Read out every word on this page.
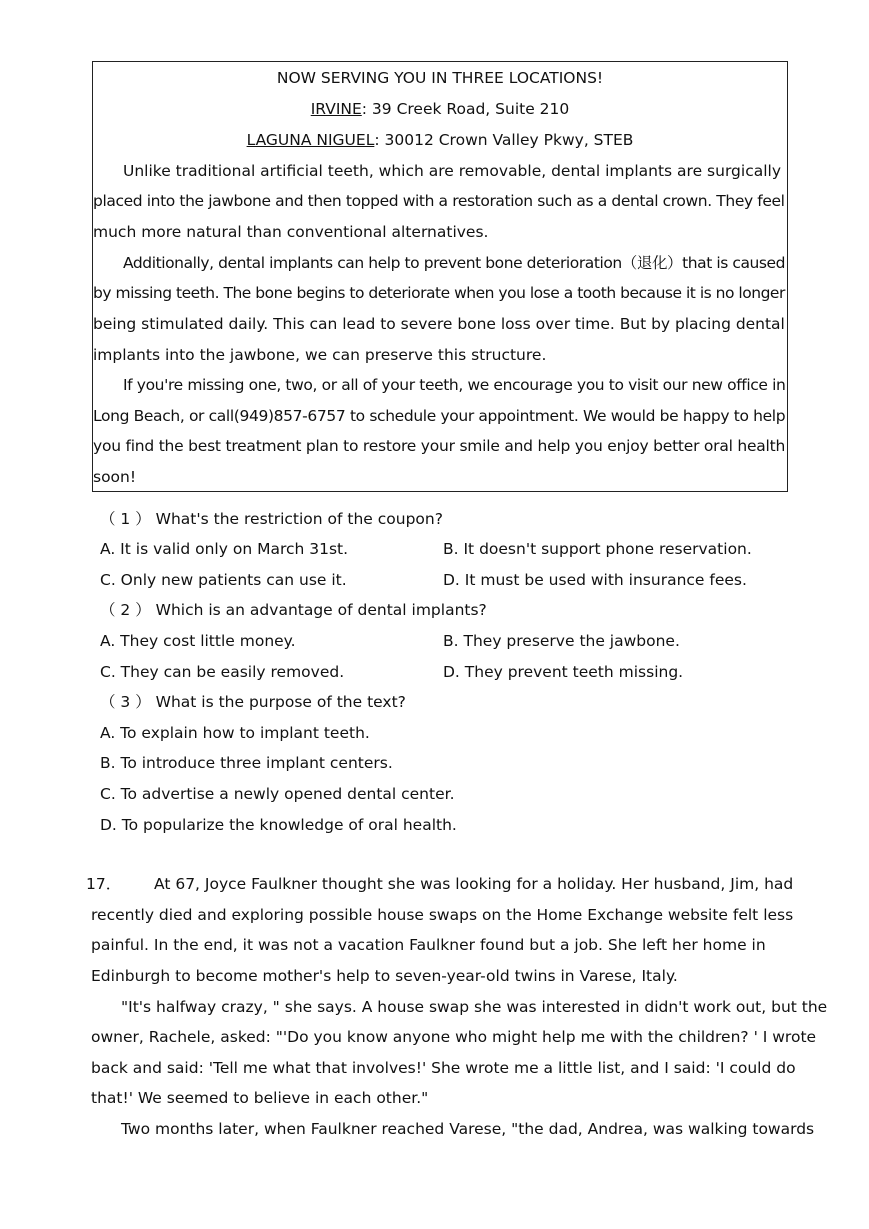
NOW SERVING YOU IN THREE LOCATIONS!
IRVINE: 39 Creek Road, Suite 210
LAGUNA NIGUEL: 30012 Crown Valley Pkwy, STEB
Unlike traditional artificial teeth, which are removable, dental implants are surgically
placed into the jawbone and then topped with a restoration such as a dental crown. They feel
much more natural than conventional alternatives.
Additionally, dental implants can help to prevent bone deterioration（退化）that is caused
by missing teeth. The bone begins to deteriorate when you lose a tooth because it is no longer
being stimulated daily. This can lead to severe bone loss over time. But by placing dental
implants into the jawbone, we can preserve this structure.
If you're missing one, two, or all of your teeth, we encourage you to visit our new office in
Long Beach, or call(949)857-6757 to schedule your appointment. We would be happy to help
you find the best treatment plan to restore your smile and help you enjoy better oral health
soon!
（ 1 ） What's the restriction of the coupon?
A. It is valid only on March 31st.	B. It doesn't support phone reservation.
C. Only new patients can use it.	D. It must be used with insurance fees.
（ 2 ） Which is an advantage of dental implants?
A. They cost little money.	B. They preserve the jawbone.
C. They can be easily removed.	D. They prevent teeth missing.
（ 3 ） What is the purpose of the text?
A. To explain how to implant teeth.
B. To introduce three implant centers.
C. To advertise a newly opened dental center.
D. To popularize the knowledge of oral health.
17． At 67, Joyce Faulkner thought she was looking for a holiday. Her husband, Jim, had
recently died and exploring possible house swaps on the Home Exchange website felt less
painful. In the end, it was not a vacation Faulkner found but a job. She left her home in
Edinburgh to become mother's help to seven-year-old twins in Varese, Italy.
"It's halfway crazy, " she says. A house swap she was interested in didn't work out, but the
owner, Rachele, asked: "'Do you know anyone who might help me with the children? ' I wrote
back and said: 'Tell me what that involves!' She wrote me a little list, and I said: 'I could do
that!' We seemed to believe in each other."
Two months later, when Faulkner reached Varese, "the dad, Andrea, was walking towards
